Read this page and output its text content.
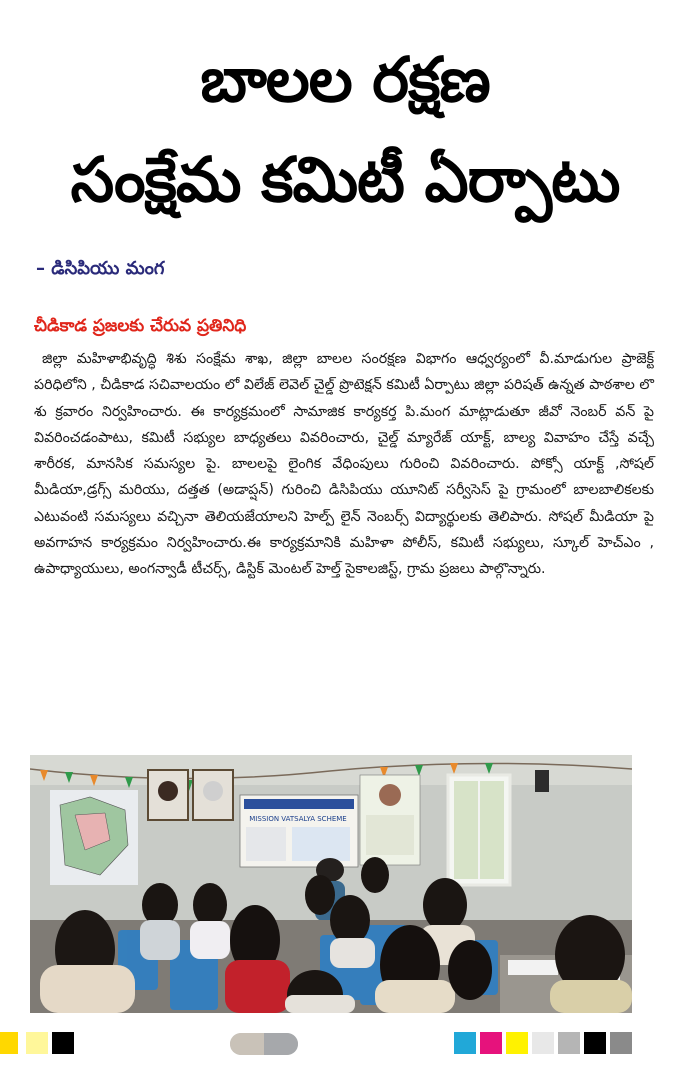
బాలల రక్షణ
సంక్షేమ కమిటీ ఏర్పాటు
– డిసిపియు మంగ
చీడికాడ ప్రజలకు చేరువ ప్రతినిధి

జిల్లా మహిళాభివృద్ధి శిశు సంక్షేమ శాఖ, జిల్లా బాలల సంరక్షణ విభాగం ఆధ్వర్యంలో వీ.మాడుగుల ప్రాజెక్ట్ పరిధిలోని , చీడికాడ సచివాలయం లో విలేజ్ లెవెల్ చైల్డ్ ప్రొటెక్షన్ కమిటీ ఏర్పాటు జిల్లా పరిషత్ ఉన్నత పాఠశాల లొ శు క్రవారం నిర్వహించారు. ఈ కార్యక్రమంలో సామాజిక కార్యకర్త పి.మంగ మాట్లాడుతూ జీవో నెంబర్ వన్ పై వివరించడంపాటు, కమిటీ సభ్యుల బాధ్యతలు వివరించారు, చైల్డ్ మ్యారేజ్ యాక్ట్, బాల్య వివాహం చేస్తే వచ్చే శారీరక, మానసిక సమస్యల పై. బాలలపై లైంగిక వేధింపులు గురించి వివరించారు. పోక్సో యాక్ట్ ,సోషల్ మీడియా,డ్రగ్స్ మరియు, దత్తత (అడాప్షన్) గురించి డిసిపియు యూనిట్ సర్వీసెస్ పై గ్రామంలో బాలబాలికలకు ఎటువంటి సమస్యలు వచ్చినా తెలియజేయాలని హెల్ప్ లైన్ నెంబర్స్ విద్యార్థులకు తెలిపారు. సోషల్ మీడియా పై అవగాహన కార్యక్రమం నిర్వహించారు.ఈ కార్యక్రమానికి మహిళా పోలీస్, కమిటీ సభ్యులు, స్కూల్ హెచ్ఎం , ఉపాధ్యాయులు, అంగన్వాడీ టీచర్స్, డిస్టిక్ మెంటల్ హెల్త్ సైకాలజిస్ట్, గ్రామ ప్రజలు పాల్గొన్నారు.

MISSION VATSALYA SCHEME
